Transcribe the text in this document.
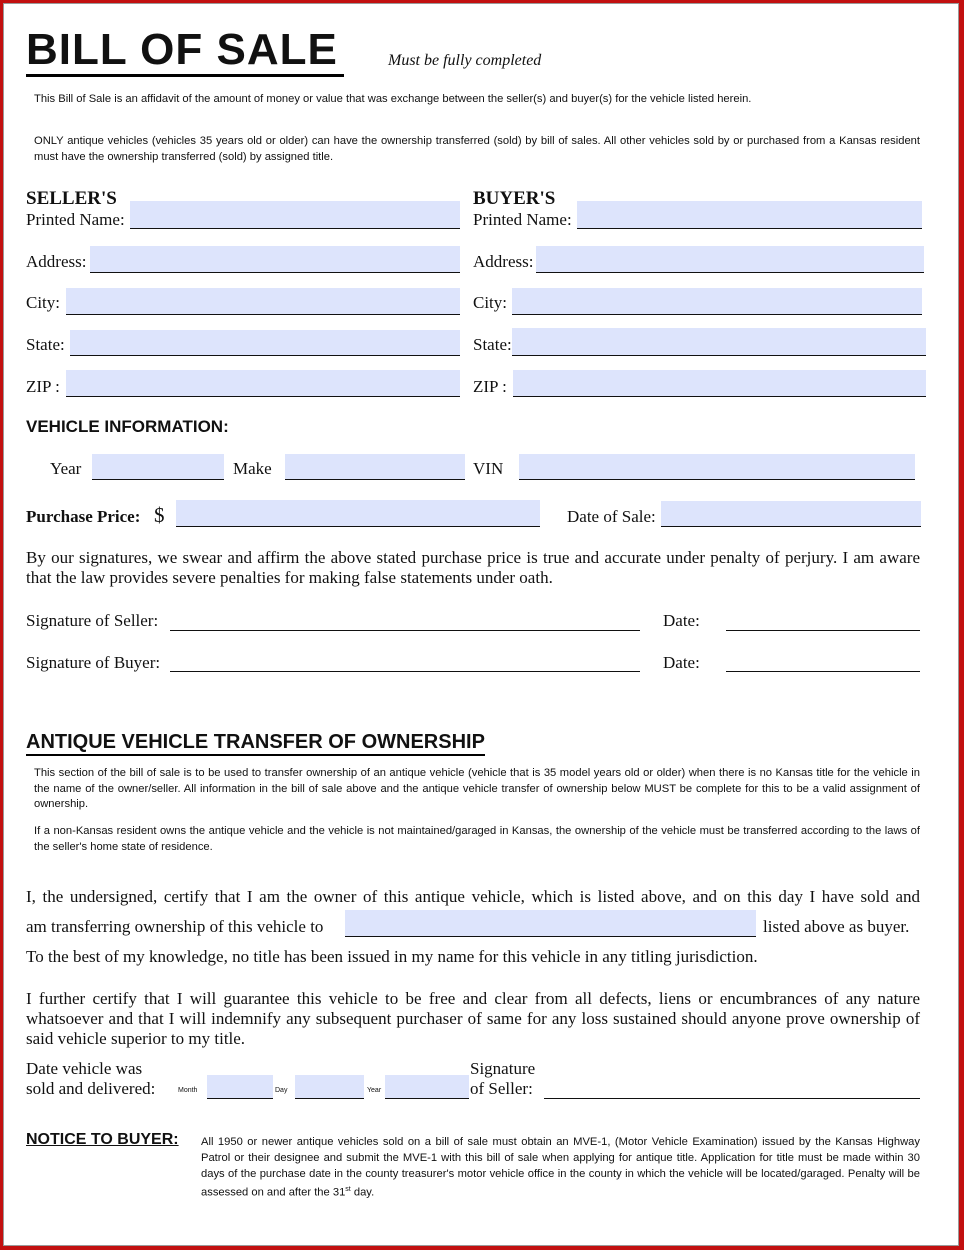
BILL OF SALE	Must be fully completed
This Bill of Sale is an affidavit of the amount of money or value that was exchange between the seller(s) and buyer(s) for the vehicle listed herein.
ONLY antique vehicles (vehicles 35 years old or older) can have the ownership transferred (sold) by bill of sales. All other vehicles sold by or purchased from a Kansas resident must have the ownership transferred (sold) by assigned title.
SELLER'S
Printed Name:
Address:
City:
State:
ZIP :
BUYER'S
Printed Name:
Address:
City:
State:
ZIP :
VEHICLE INFORMATION:
Year	Make	VIN
Purchase Price: $	Date of Sale:
By our signatures, we swear and affirm the above stated purchase price is true and accurate under penalty of perjury. I am aware that the law provides severe penalties for making false statements under oath.
Signature of Seller:	Date:
Signature of Buyer:	Date:
ANTIQUE VEHICLE TRANSFER OF OWNERSHIP
This section of the bill of sale is to be used to transfer ownership of an antique vehicle (vehicle that is 35 model years old or older) when there is no Kansas title for the vehicle in the name of the owner/seller. All information in the bill of sale above and the antique vehicle transfer of ownership below MUST be complete for this to be a valid assignment of ownership.
If a non-Kansas resident owns the antique vehicle and the vehicle is not maintained/garaged in Kansas, the ownership of the vehicle must be transferred according to the laws of the seller's home state of residence.
I, the undersigned, certify that I am the owner of this antique vehicle, which is listed above, and on this day I have sold and
am transferring ownership of this vehicle to	listed above as buyer.
To the best of my knowledge, no title has been issued in my name for this vehicle in any titling jurisdiction.
I further certify that I will guarantee this vehicle to be free and clear from all defects, liens or encumbrances of any nature whatsoever and that I will indemnify any subsequent purchaser of same for any loss sustained should anyone prove ownership of said vehicle superior to my title.
Date vehicle was
sold and delivered:	Month	Day	Year
Signature
of Seller:
NOTICE TO BUYER: All 1950 or newer antique vehicles sold on a bill of sale must obtain an MVE-1, (Motor Vehicle Examination) issued by the Kansas Highway Patrol or their designee and submit the MVE-1 with this bill of sale when applying for antique title. Application for title must be made within 30 days of the purchase date in the county treasurer's motor vehicle office in the county in which the vehicle will be located/garaged. Penalty will be assessed on and after the 31st day.
